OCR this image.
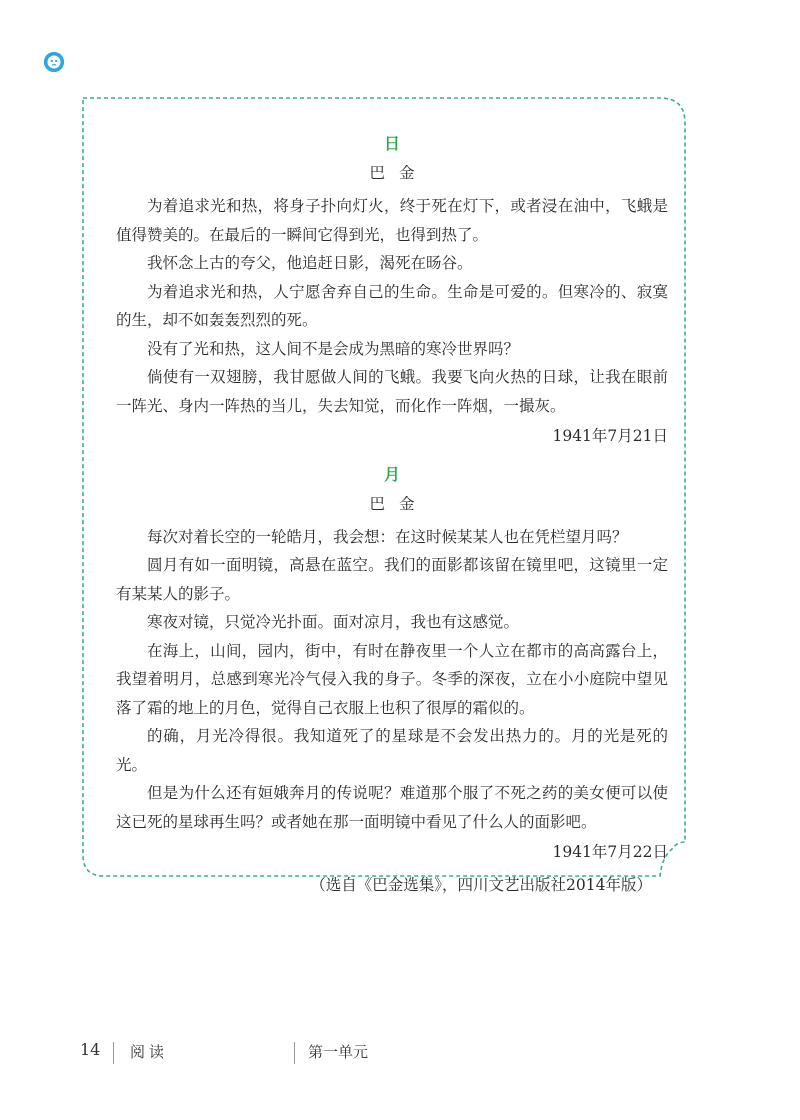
日
巴金

为着追求光和热，将身子扑向灯火，终于死在灯下，或者浸在油中，飞蛾是值得赞美的。在最后的一瞬间它得到光，也得到热了。

我怀念上古的夸父，他追赶日影，渴死在旸谷。

为着追求光和热，人宁愿舍弃自己的生命。生命是可爱的。但寒冷的、寂寞的生，却不如轰轰烈烈的死。

没有了光和热，这人间不是会成为黑暗的寒冷世界吗？

倘使有一双翅膀，我甘愿做人间的飞蛾。我要飞向火热的日球，让我在眼前一阵光、身内一阵热的当儿，失去知觉，而化作一阵烟，一撮灰。

1941年7月21日
月
巴金

每次对着长空的一轮皓月，我会想：在这时候某某人也在凭栏望月吗？

圆月有如一面明镜，高悬在蓝空。我们的面影都该留在镜里吧，这镜里一定有某某人的影子。

寒夜对镜，只觉冷光扑面。面对凉月，我也有这感觉。

在海上，山间，园内，街中，有时在静夜里一个人立在都市的高高露台上，我望着明月，总感到寒光冷气侵入我的身子。冬季的深夜，立在小小庭院中望见落了霜的地上的月色，觉得自己衣服上也积了很厚的霜似的。

的确，月光冷得很。我知道死了的星球是不会发出热力的。月的光是死的光。

但是为什么还有姮娥奔月的传说呢？难道那个服了不死之药的美女便可以使这已死的星球再生吗？或者她在那一面明镜中看见了什么人的面影吧。

1941年7月22日
（选自《巴金选集》，四川文艺出版社2014年版）
14 阅读	第一单元
